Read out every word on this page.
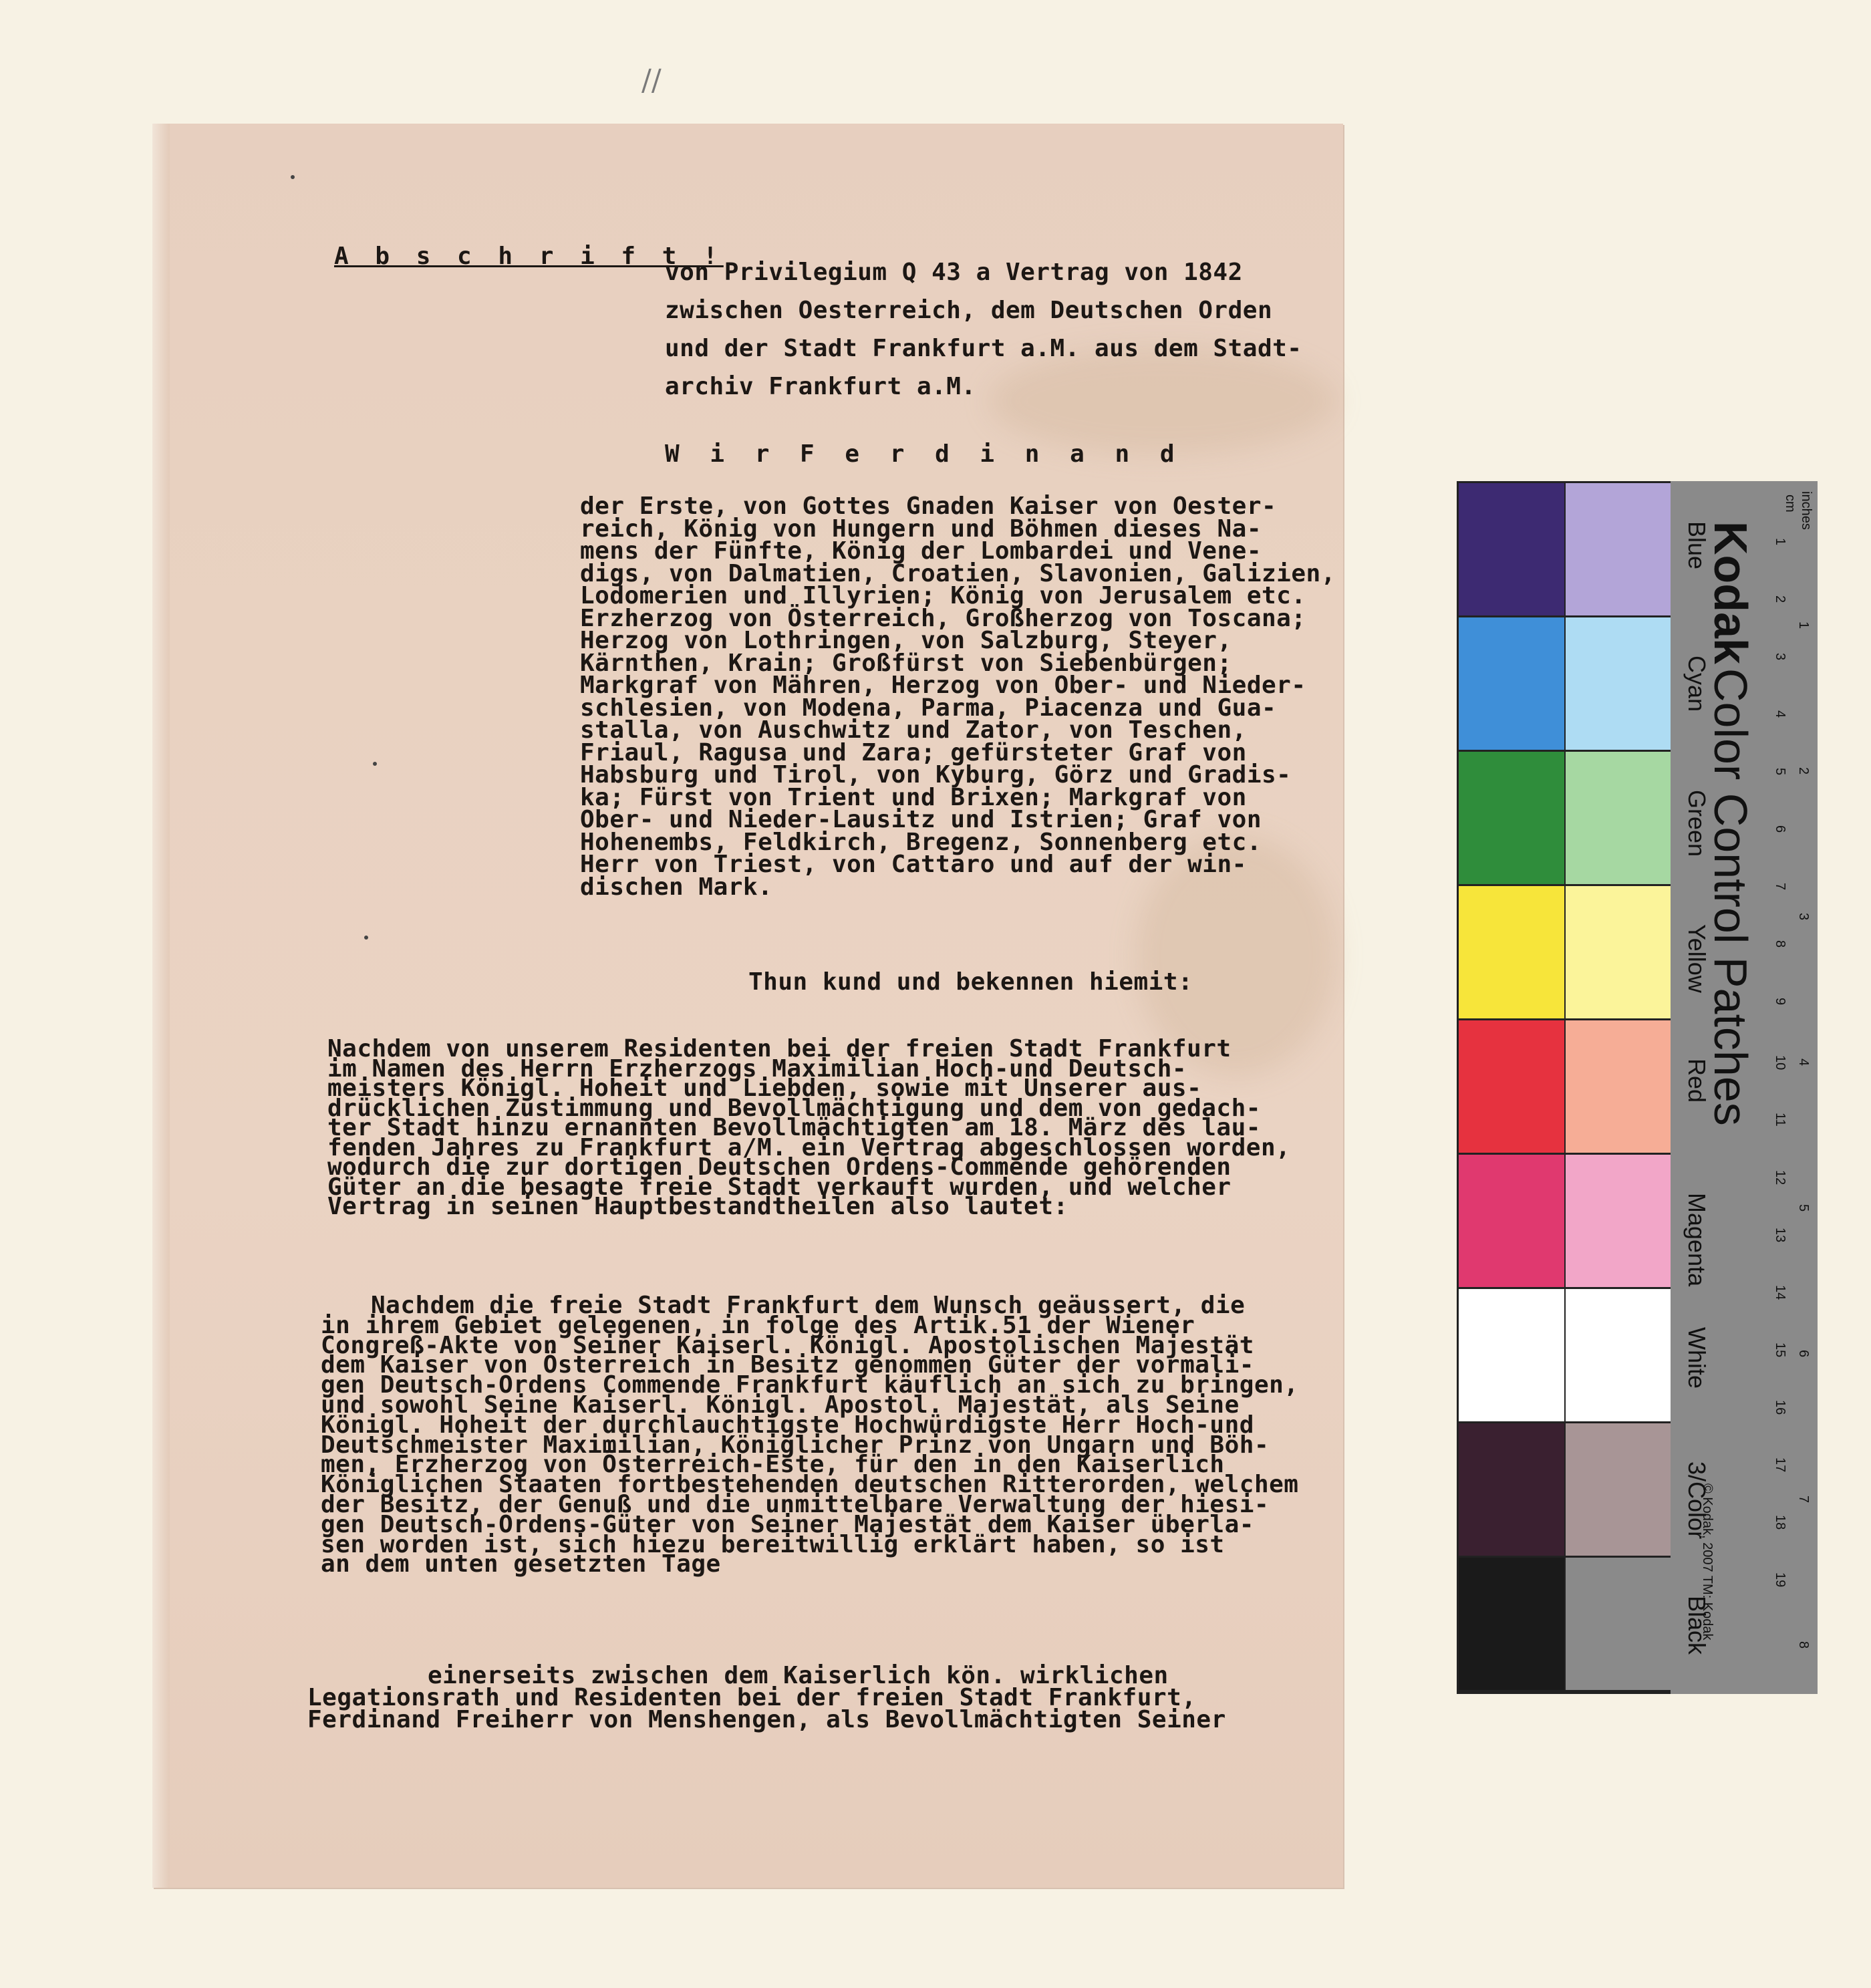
//
A b s c h r i f t !
von Privilegium Q 43 a Vertrag von 1842
zwischen Oesterreich, dem Deutschen Orden
und der Stadt Frankfurt a.M. aus dem Stadt-
archiv Frankfurt a.M.
W i r F e r d i n a n d
der Erste, von Gottes Gnaden Kaiser von Oester-
reich, König von Hungern und Böhmen dieses Na-
mens der Fünfte, König der Lombardei und Vene-
digs, von Dalmatien, Croatien, Slavonien, Galizien,
Lodomerien und Illyrien; König von Jerusalem etc.
Erzherzog von Österreich, Großherzog von Toscana;
Herzog von Lothringen, von Salzburg, Steyer,
Kärnthen, Krain; Großfürst von Siebenbürgen;
Markgraf von Mähren, Herzog von Ober- und Nieder-
schlesien, von Modena, Parma, Piacenza und Gua-
stalla, von Auschwitz und Zator, von Teschen,
Friaul, Ragusa und Zara; gefürsteter Graf von
Habsburg und Tirol, von Kyburg, Görz und Gradis-
ka; Fürst von Trient und Brixen; Markgraf von
Ober- und Nieder-Lausitz und Istrien; Graf von
Hohenembs, Feldkirch, Bregenz, Sonnenberg etc.
Herr von Triest, von Cattaro und auf der win-
dischen Mark.
Thun kund und bekennen hiemit:
Nachdem von unserem Residenten bei der freien Stadt Frankfurt
im Namen des Herrn Erzherzogs Maximilian Hoch-und Deutsch-
meisters Königl. Hoheit und Liebden, sowie mit Unserer aus-
drücklichen Zustimmung und Bevollmächtigung und dem von gedach-
ter Stadt hinzu ernannten Bevollmächtigten am 18. März des lau-
fenden Jahres zu Frankfurt a/M. ein Vertrag abgeschlossen worden,
wodurch die zur dortigen Deutschen Ordens-Commende gehörenden
Güter an die besagte freie Stadt verkauft wurden, und welcher
Vertrag in seinen Hauptbestandtheilen also lautet:
Nachdem die freie Stadt Frankfurt dem Wunsch geäussert, die
in ihrem Gebiet gelegenen, in folge des Artik.51 der Wiener
Congreß-Akte von Seiner Kaiserl. Königl. Apostolischen Majestät
dem Kaiser von Österreich in Besitz genommen Güter der vormali-
gen Deutsch-Ordens Commende Frankfurt käuflich an sich zu bringen,
und sowohl Seine Kaiserl. Königl. Apostol. Majestät, als Seine
Königl. Hoheit der durchlauchtigste Hochwürdigste Herr Hoch-und
Deutschmeister Maximilian, Königlicher Prinz von Ungarn und Böh-
men, Erzherzog von Österreich-Este, für den in den Kaiserlich
Königlichen Staaten fortbestehenden deutschen Ritterorden, welchem
der Besitz, der Genuß und die unmittelbare Verwaltung der hiesi-
gen Deutsch-Ordens-Güter von Seiner Majestät dem Kaiser überla-
sen worden ist, sich hiezu bereitwillig erklärt haben, so ist
an dem unten gesetzten Tage
einerseits zwischen dem Kaiserlich kön. wirklichen
Legationsrath und Residenten bei der freien Stadt Frankfurt,
Ferdinand Freiherr von Menshengen, als Bevollmächtigten Seiner
1
2
3
4
5
6
7
8
9
10
11
12
13
14
15
16
17
18
19
1
2
3
4
5
6
7
8
Kodak
Color Control Patches
inches
cm
© Kodak, 2007 TM: Kodak
Blue
Cyan
Green
Yellow
Red
Magenta
White
3/Color
Black
